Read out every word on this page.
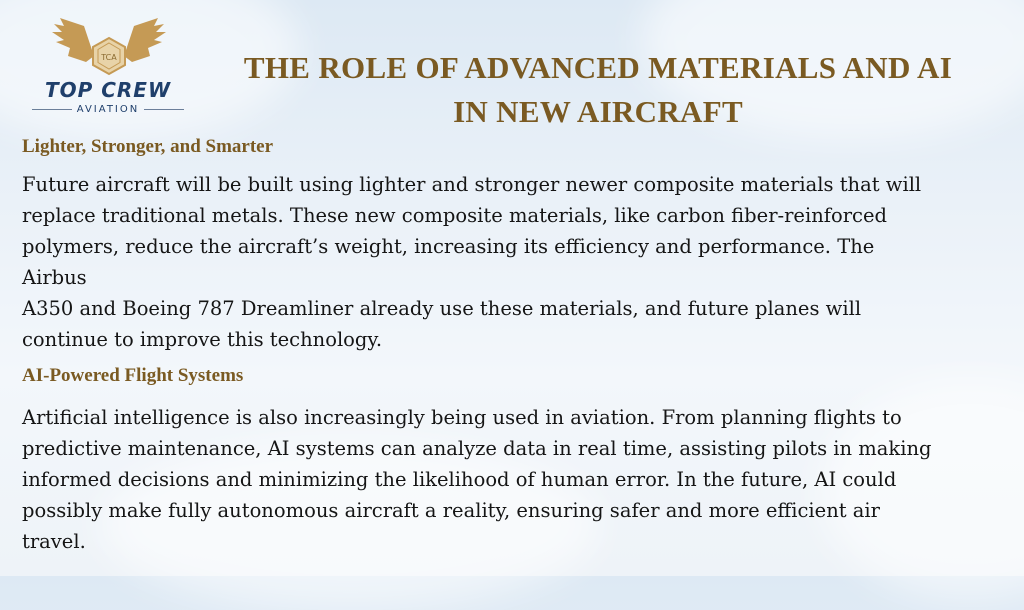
TCA
TOP CREW
AVIATION
THE ROLE OF ADVANCED MATERIALS AND AI
IN NEW AIRCRAFT
Lighter, Stronger, and Smarter

Future aircraft will be built using lighter and stronger newer composite materials that will
replace traditional metals. These new composite materials, like carbon fiber-reinforced
polymers, reduce the aircraft’s weight, increasing its efficiency and performance. The
Airbus
A350 and Boeing 787 Dreamliner already use these materials, and future planes will
continue to improve this technology.

AI-Powered Flight Systems

Artificial intelligence is also increasingly being used in aviation. From planning flights to
predictive maintenance, AI systems can analyze data in real time, assisting pilots in making
informed decisions and minimizing the likelihood of human error. In the future, AI could
possibly make fully autonomous aircraft a reality, ensuring safer and more efficient air
travel.
